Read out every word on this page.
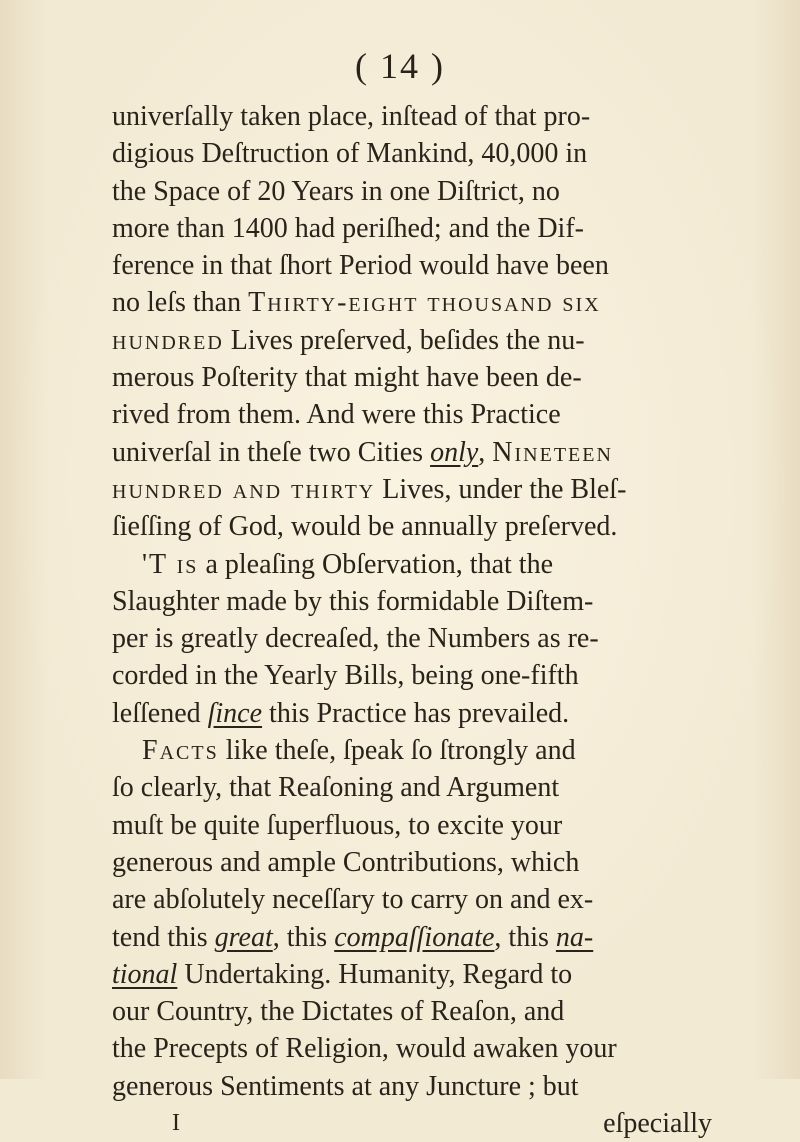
( 14 )
univerſally taken place, inſtead of that pro-
digious Deſtruction of Mankind, 40,000 in
the Space of 20 Years in one Diſtrict, no
more than 1400 had periſhed; and the Dif-
ference in that ſhort Period would have been
no leſs than Thirty-eight thousand six
hundred Lives preſerved, beſides the nu-
merous Poſterity that might have been de-
rived from them. And were this Practice
univerſal in theſe two Cities only , Nineteen
hundred and thirty Lives, under the Bleſ-
ſieſſing of God, would be annually preſerved.
'T is a pleaſing Obſervation, that the
Slaughter made by this formidable Diſtem-
per is greatly decreaſed, the Numbers as re-
corded in the Yearly Bills, being one-fifth
leſſened ſince this Practice has prevailed.
Facts like theſe, ſpeak ſo ſtrongly and
ſo clearly, that Reaſoning and Argument
muſt be quite ſuperfluous, to excite your
generous and ample Contributions, which
are abſolutely neceſſary to carry on and ex-
tend this great , this compaſſionate , this na-
tional Undertaking. Humanity, Regard to
our Country, the Dictates of Reaſon, and
the Precepts of Religion, would awaken your
generous Sentiments at any Juncture ; but
I	eſpecially
